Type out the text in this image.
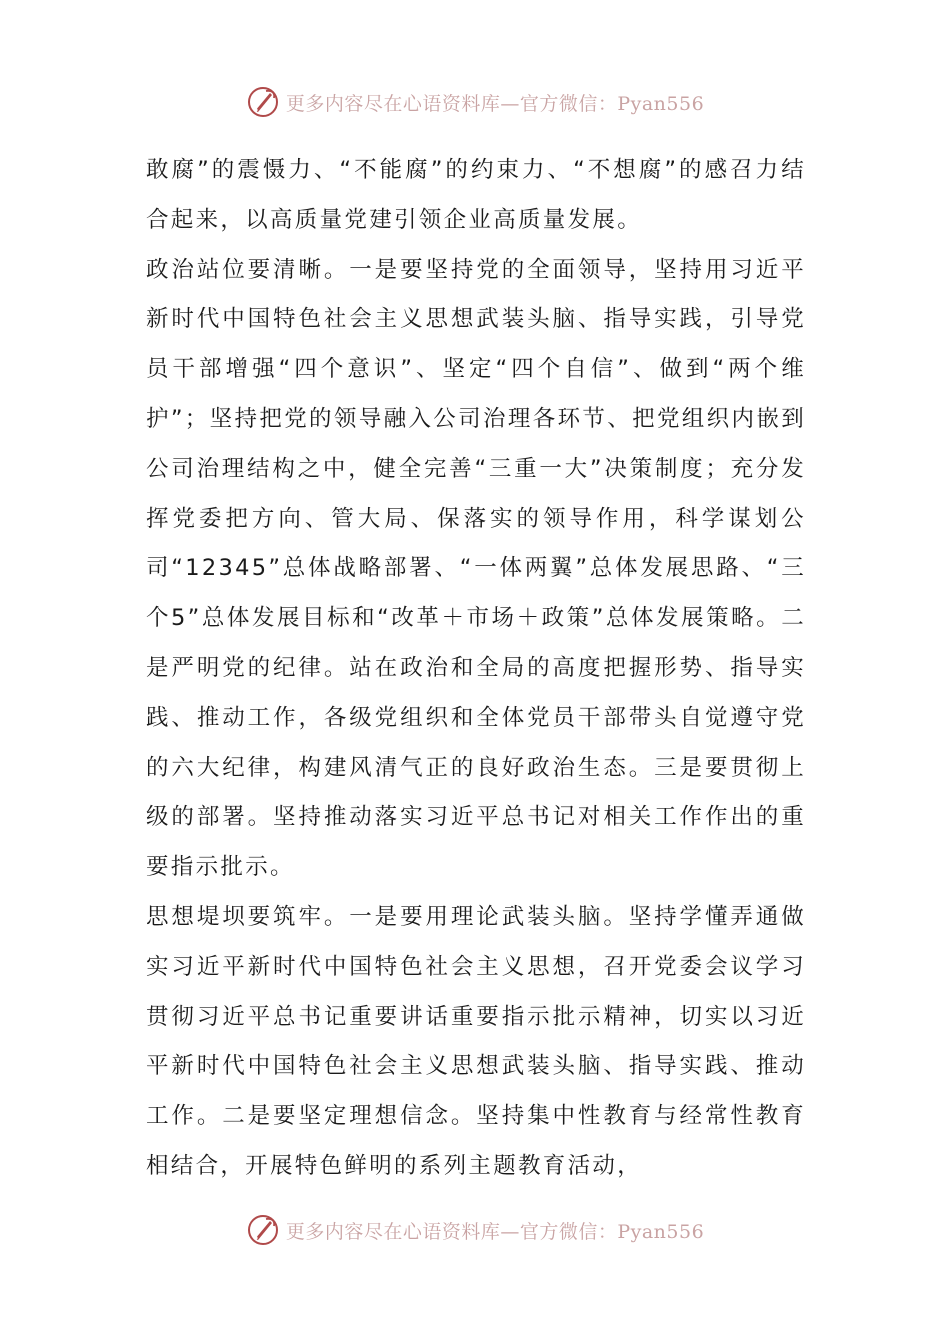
更多内容尽在心语资料库—官方微信：Pyan556

敢腐”的震慑力、“不能腐”的约束力、“不想腐”的感召力结合起来，以高质量党建引领企业高质量发展。

政治站位要清晰。一是要坚持党的全面领导，坚持用习近平新时代中国特色社会主义思想武装头脑、指导实践，引导党员干部增强“四个意识”、坚定“四个自信”、做到“两个维护”；坚持把党的领导融入公司治理各环节、把党组织内嵌到公司治理结构之中，健全完善“三重一大”决策制度；充分发挥党委把方向、管大局、保落实的领导作用，科学谋划公司“12345”总体战略部署、“一体两翼”总体发展思路、“三个5”总体发展目标和“改革＋市场＋政策”总体发展策略。二是严明党的纪律。站在政治和全局的高度把握形势、指导实践、推动工作，各级党组织和全体党员干部带头自觉遵守党的六大纪律，构建风清气正的良好政治生态。三是要贯彻上级的部署。坚持推动落实习近平总书记对相关工作作出的重要指示批示。

思想堤坝要筑牢。一是要用理论武装头脑。坚持学懂弄通做实习近平新时代中国特色社会主义思想，召开党委会议学习贯彻习近平总书记重要讲话重要指示批示精神，切实以习近平新时代中国特色社会主义思想武装头脑、指导实践、推动工作。二是要坚定理想信念。坚持集中性教育与经常性教育相结合，开展特色鲜明的系列主题教育活动，

更多内容尽在心语资料库—官方微信：Pyan556
